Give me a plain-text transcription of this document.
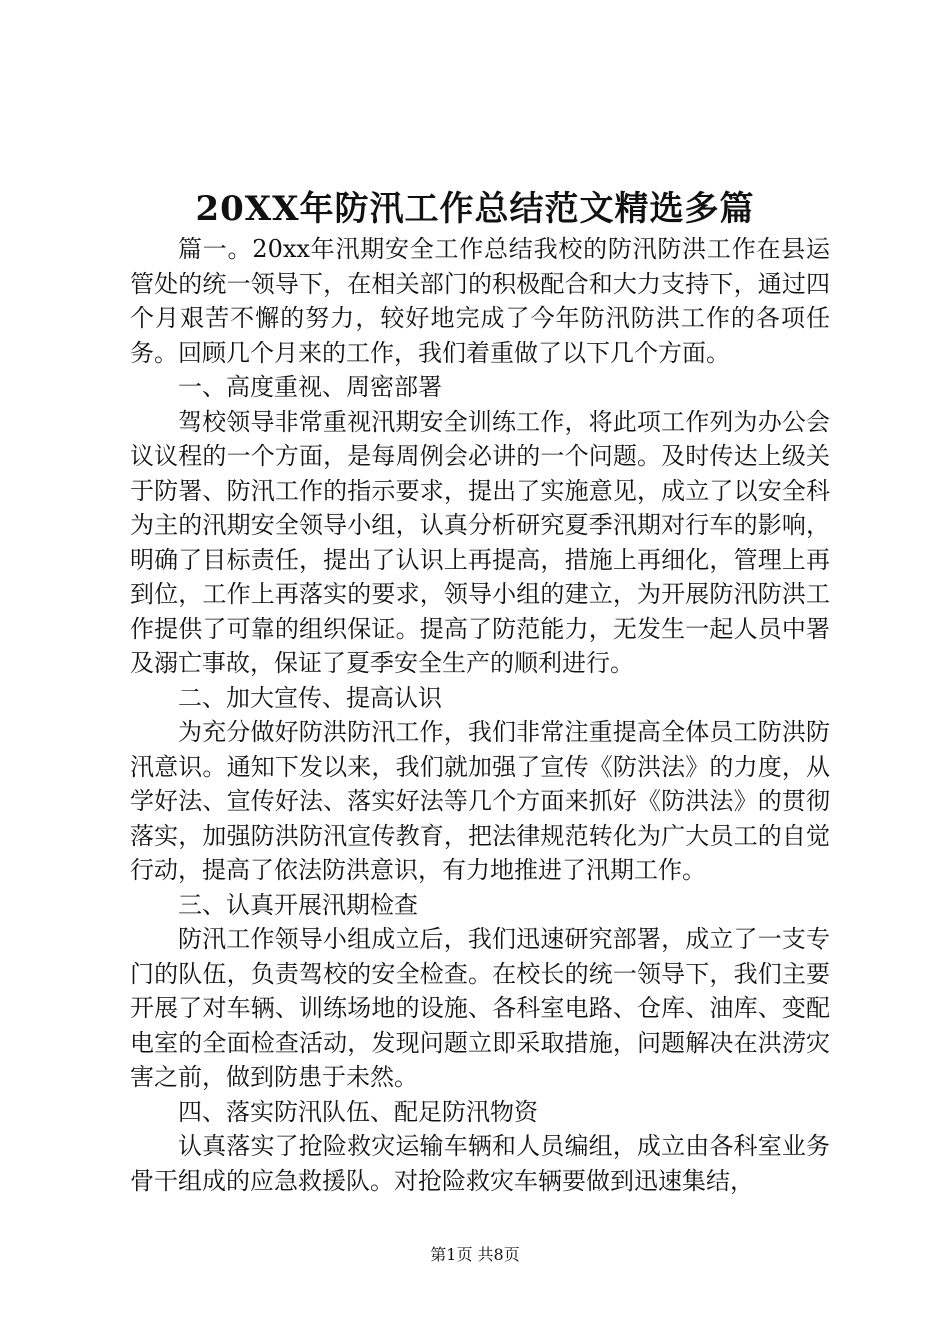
20XX年防汛工作总结范文精选多篇

篇一。20xx年汛期安全工作总结我校的防汛防洪工作在县运管处的统一领导下，在相关部门的积极配合和大力支持下，通过四个月艰苦不懈的努力，较好地完成了今年防汛防洪工作的各项任务。回顾几个月来的工作，我们着重做了以下几个方面。

一、高度重视、周密部署

驾校领导非常重视汛期安全训练工作，将此项工作列为办公会议议程的一个方面，是每周例会必讲的一个问题。及时传达上级关于防署、防汛工作的指示要求，提出了实施意见，成立了以安全科为主的汛期安全领导小组，认真分析研究夏季汛期对行车的影响，明确了目标责任，提出了认识上再提高，措施上再细化，管理上再到位，工作上再落实的要求，领导小组的建立，为开展防汛防洪工作提供了可靠的组织保证。提高了防范能力，无发生一起人员中署及溺亡事故，保证了夏季安全生产的顺利进行。

二、加大宣传、提高认识

为充分做好防洪防汛工作，我们非常注重提高全体员工防洪防汛意识。通知下发以来，我们就加强了宣传《防洪法》的力度，从学好法、宣传好法、落实好法等几个方面来抓好《防洪法》的贯彻落实，加强防洪防汛宣传教育，把法律规范转化为广大员工的自觉行动，提高了依法防洪意识，有力地推进了汛期工作。

三、认真开展汛期检查

防汛工作领导小组成立后，我们迅速研究部署，成立了一支专门的队伍，负责驾校的安全检查。在校长的统一领导下，我们主要开展了对车辆、训练场地的设施、各科室电路、仓库、油库、变配电室的全面检查活动，发现问题立即采取措施，问题解决在洪涝灾害之前，做到防患于未然。

四、落实防汛队伍、配足防汛物资

认真落实了抢险救灾运输车辆和人员编组，成立由各科室业务骨干组成的应急救援队。对抢险救灾车辆要做到迅速集结，

第1页 共8页
